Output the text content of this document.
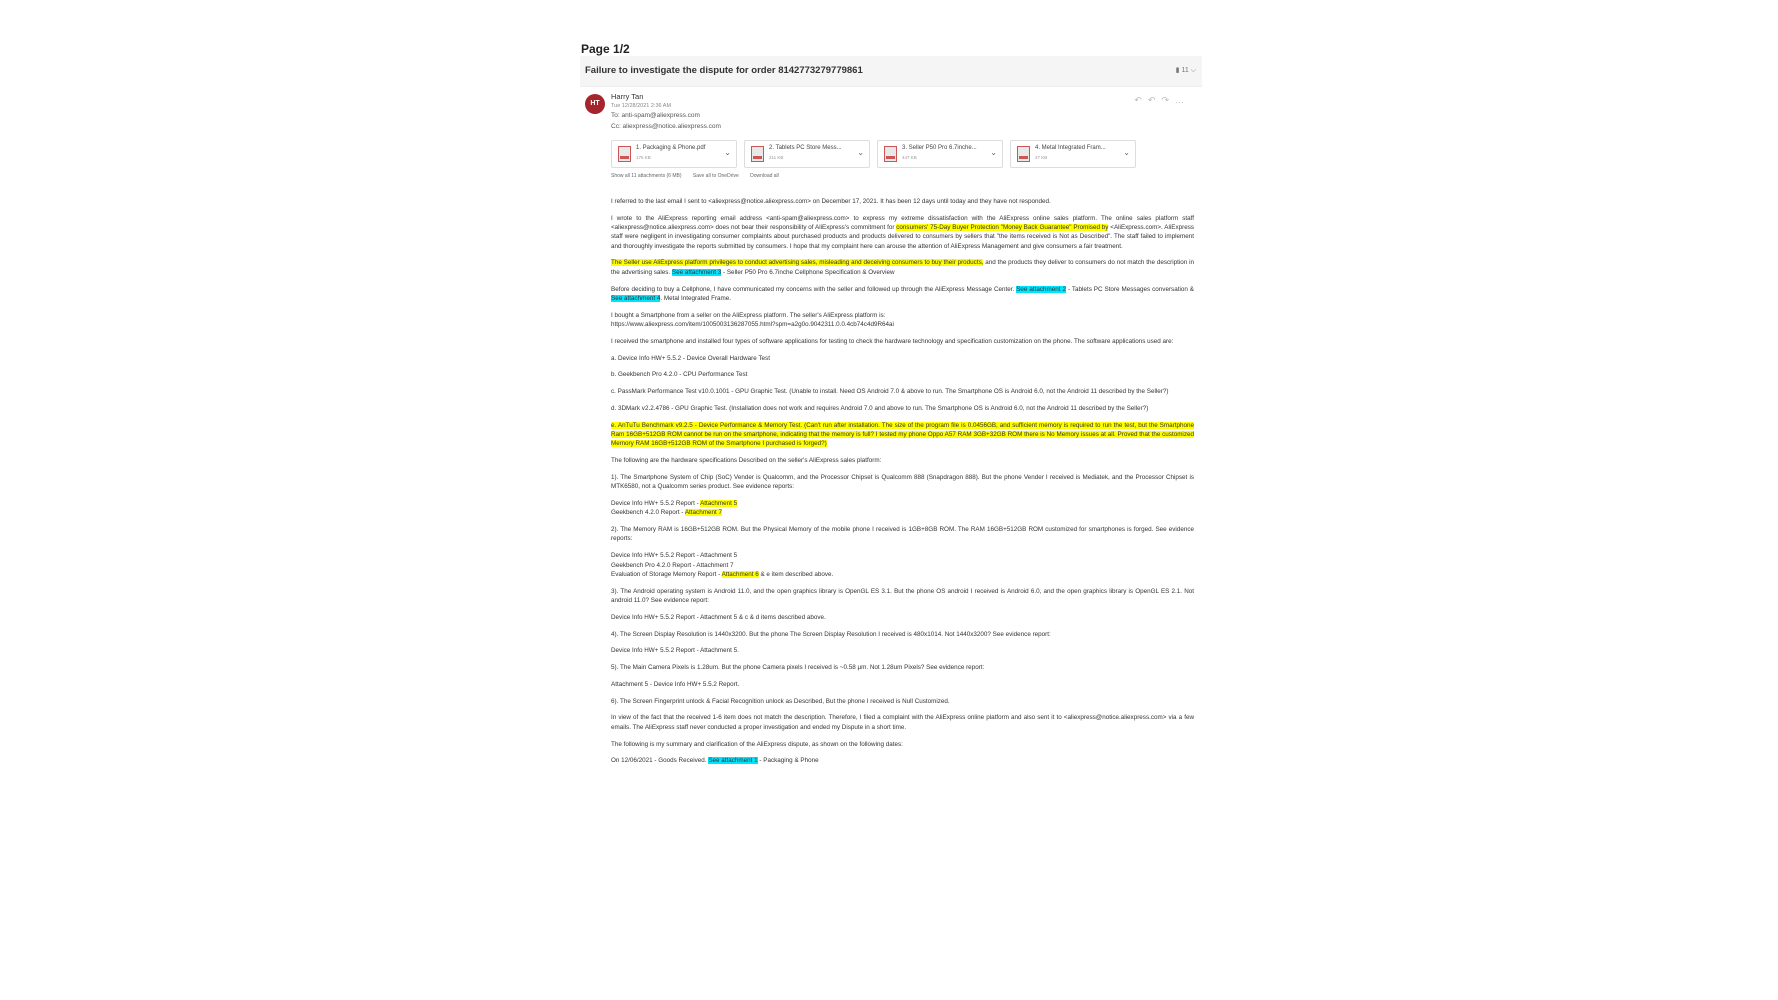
Page 1/2
Failure to investigate the dispute for order 8142773279779861	▮ 11 ⌵
HT
Harry Tan
Tue 12/28/2021 2:36 AM
To: anti-spam@aliexpress.com
Cc: aliexpress@notice.aliexpress.com
↶↶↷…
1. Packaging & Phone.pdf
175 KB
⌄	2. Tablets PC Store Mess...
211 KB
⌄	3. Seller P50 Pro 6.7inche...
447 KB
⌄	4. Metal Integrated Fram...
27 KB
⌄
Show all 11 attachments (6 MB) Save all to OneDrive Download all

I referred to the last email I sent to <aliexpress@notice.aliexpress.com> on December 17, 2021. It has been 12 days until today and they have not responded.

I wrote to the AliExpress reporting email address <anti-spam@aliexpress.com> to express my extreme dissatisfaction with the AliExpress online sales platform. The online sales platform staff <aliexpress@notice.aliexpress.com> does not bear their responsibility of AliExpress's commitment for consumers' 75-Day Buyer Protection "Money Back Guarantee" Promised by <AliExpress.com>. AliExpress staff were negligent in investigating consumer complaints about purchased products and products delivered to consumers by sellers that "the items received is Not as Described". The staff failed to implement and thoroughly investigate the reports submitted by consumers. I hope that my complaint here can arouse the attention of AliExpress Management and give consumers a fair treatment.

The Seller use AliExpress platform privileges to conduct advertising sales, misleading and deceiving consumers to buy their products, and the products they deliver to consumers do not match the description in the advertising sales. See attachment 3 - Seller P50 Pro 6.7inche Cellphone Specification & Overview

Before deciding to buy a Cellphone, I have communicated my concerns with the seller and followed up through the AliExpress Message Center. See attachment 2 - Tablets PC Store Messages conversation & See attachment 4. Metal Integrated Frame.

I bought a Smartphone from a seller on the AliExpress platform. The seller's AliExpress platform is:
https://www.aliexpress.com/item/1005003136287055.html?spm=a2g0o.9042311.0.0.4cb74c4d9R64ai

I received the smartphone and installed four types of software applications for testing to check the hardware technology and specification customization on the phone. The software applications used are:

a. Device Info HW+ 5.5.2 - Device Overall Hardware Test

b. Geekbench Pro 4.2.0 - CPU Performance Test

c. PassMark Performance Test v10.0.1001 - GPU Graphic Test. (Unable to install. Need OS Android 7.0 & above to run. The Smartphone OS is Android 6.0, not the Android 11 described by the Seller?)

d. 3DMark v2.2.4786 - GPU Graphic Test. (Installation does not work and requires Android 7.0 and above to run. The Smartphone OS is Android 6.0, not the Android 11 described by the Seller?)

e. AnTuTu Benchmark v9.2.5 - Device Performance & Memory Test. (Can't run after installation. The size of the program file is 0.0456GB, and sufficient memory is required to run the test, but the Smartphone Ram 16GB+512GB ROM cannot be run on the smartphone, indicating that the memory is full? I tested my phone Oppo A57 RAM 3GB+32GB ROM there is No Memory issues at all. Proved that the customized Memory RAM 16GB+512GB ROM of the Smartphone I purchased is forged?)

The following are the hardware specifications Described on the seller's AliExpress sales platform:

1). The Smartphone System of Chip (SoC) Vender is Qualcomm, and the Processor Chipset is Qualcomm 888 (Snapdragon 888). But the phone Vender I received is Mediatek, and the Processor Chipset is MTK6580, not a Qualcomm series product. See evidence reports:

Device Info HW+ 5.5.2 Report - Attachment 5
Geekbench 4.2.0 Report - Attachment 7

2). The Memory RAM is 16GB+512GB ROM. But the Physical Memory of the mobile phone I received is 1GB+8GB ROM. The RAM 16GB+512GB ROM customized for smartphones is forged. See evidence reports:

Device Info HW+ 5.5.2 Report - Attachment 5
Geekbench Pro 4.2.0 Report - Attachment 7
Evaluation of Storage Memory Report - Attachment 6 & e item described above.

3). The Android operating system is Android 11.0, and the open graphics library is OpenGL ES 3.1. But the phone OS android I received is Android 6.0, and the open graphics library is OpenGL ES 2.1. Not android 11.0? See evidence report:

Device Info HW+ 5.5.2 Report - Attachment 5 & c & d items described above.

4). The Screen Display Resolution is 1440x3200. But the phone The Screen Display Resolution I received is 480x1014. Not 1440x3200? See evidence report:

Device Info HW+ 5.5.2 Report - Attachment 5.

5). The Main Camera Pixels is 1.28um. But the phone Camera pixels I received is ~0.58 µm. Not 1.28um Pixels? See evidence report:

Attachment 5 - Device Info HW+ 5.5.2 Report.

6). The Screen Fingerprint unlock & Facial Recognition unlock as Described, But the phone I received is Null Customized.

In view of the fact that the received 1-6 item does not match the description. Therefore, I filed a complaint with the AliExpress online platform and also sent it to <aliexpress@notice.aliexpress.com> via a few emails. The AliExpress staff never conducted a proper investigation and ended my Dispute in a short time.

The following is my summary and clarification of the AliExpress dispute, as shown on the following dates:

On 12/06/2021 - Goods Received. See attachment 1 - Packaging & Phone
